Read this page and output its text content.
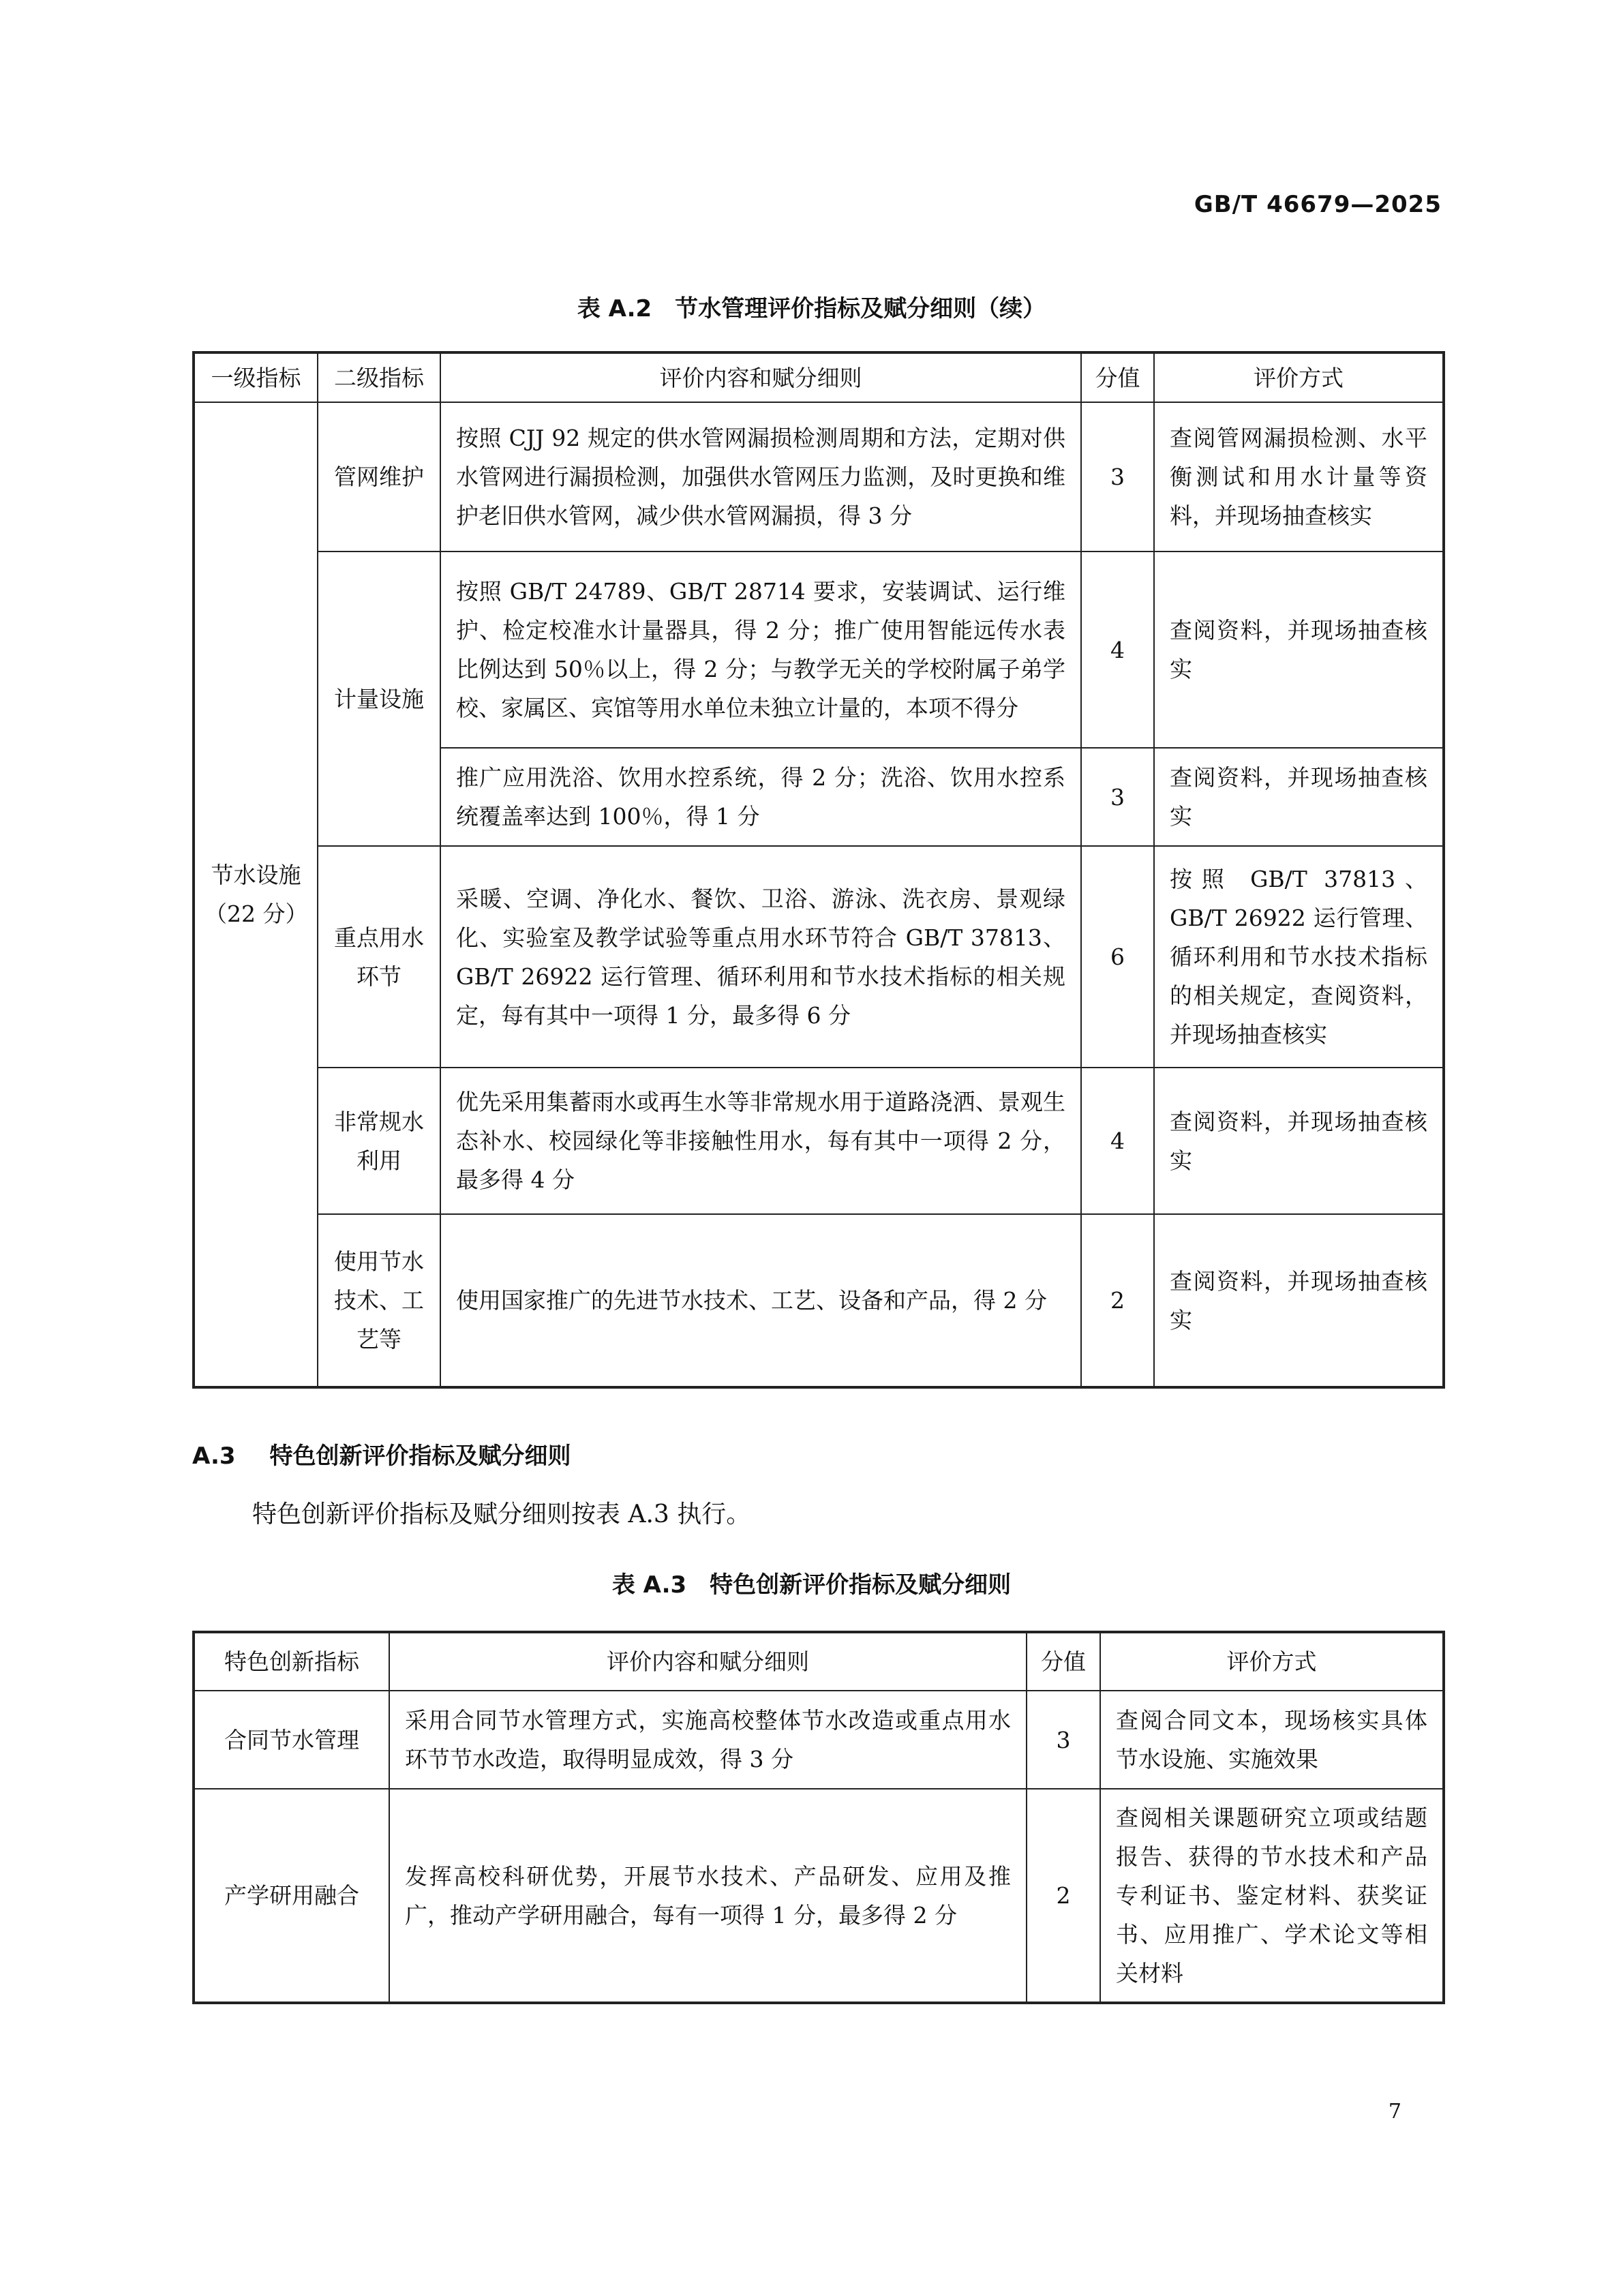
GB/T 46679—2025
表 A.2　节水管理评价指标及赋分细则（续）
一级指标	二级指标	评价内容和赋分细则	分值	评价方式
节水设施（22 分）	管网维护	按照 CJJ 92 规定的供水管网漏损检测周期和方法，定期对供水管网进行漏损检测，加强供水管网压力监测，及时更换和维护老旧供水管网，减少供水管网漏损，得 3 分	3	查阅管网漏损检测、水平衡测试和用水计量等资料，并现场抽查核实
	计量设施	按照 GB/T 24789、GB/T 28714 要求，安装调试、运行维护、检定校准水计量器具，得 2 分；推广使用智能远传水表比例达到 50％以上，得 2 分；与教学无关的学校附属子弟学校、家属区、宾馆等用水单位未独立计量的，本项不得分	4	查阅资料，并现场抽查核实
		推广应用洗浴、饮用水控系统，得 2 分；洗浴、饮用水控系统覆盖率达到 100％，得 1 分	3	查阅资料，并现场抽查核实
	重点用水环节	采暖、空调、净化水、餐饮、卫浴、游泳、洗衣房、景观绿化、实验室及教学试验等重点用水环节符合 GB/T 37813、GB/T 26922 运行管理、循环利用和节水技术指标的相关规定，每有其中一项得 1 分，最多得 6 分	6	按照 GB/T 37813、GB/T 26922 运行管理、循环利用和节水技术指标的相关规定，查阅资料，并现场抽查核实
	非常规水利用	优先采用集蓄雨水或再生水等非常规水用于道路浇洒、景观生态补水、校园绿化等非接触性用水，每有其中一项得 2 分，最多得 4 分	4	查阅资料，并现场抽查核实
	使用节水技术、工艺等	使用国家推广的先进节水技术、工艺、设备和产品，得 2 分	2	查阅资料，并现场抽查核实
A.3 特色创新评价指标及赋分细则
特色创新评价指标及赋分细则按表 A.3 执行。
表 A.3　特色创新评价指标及赋分细则
特色创新指标	评价内容和赋分细则	分值	评价方式
合同节水管理	采用合同节水管理方式，实施高校整体节水改造或重点用水环节节水改造，取得明显成效，得 3 分	3	查阅合同文本，现场核实具体节水设施、实施效果
产学研用融合	发挥高校科研优势，开展节水技术、产品研发、应用及推广，推动产学研用融合，每有一项得 1 分，最多得 2 分	2	查阅相关课题研究立项或结题报告、获得的节水技术和产品专利证书、鉴定材料、获奖证书、应用推广、学术论文等相关材料
7
